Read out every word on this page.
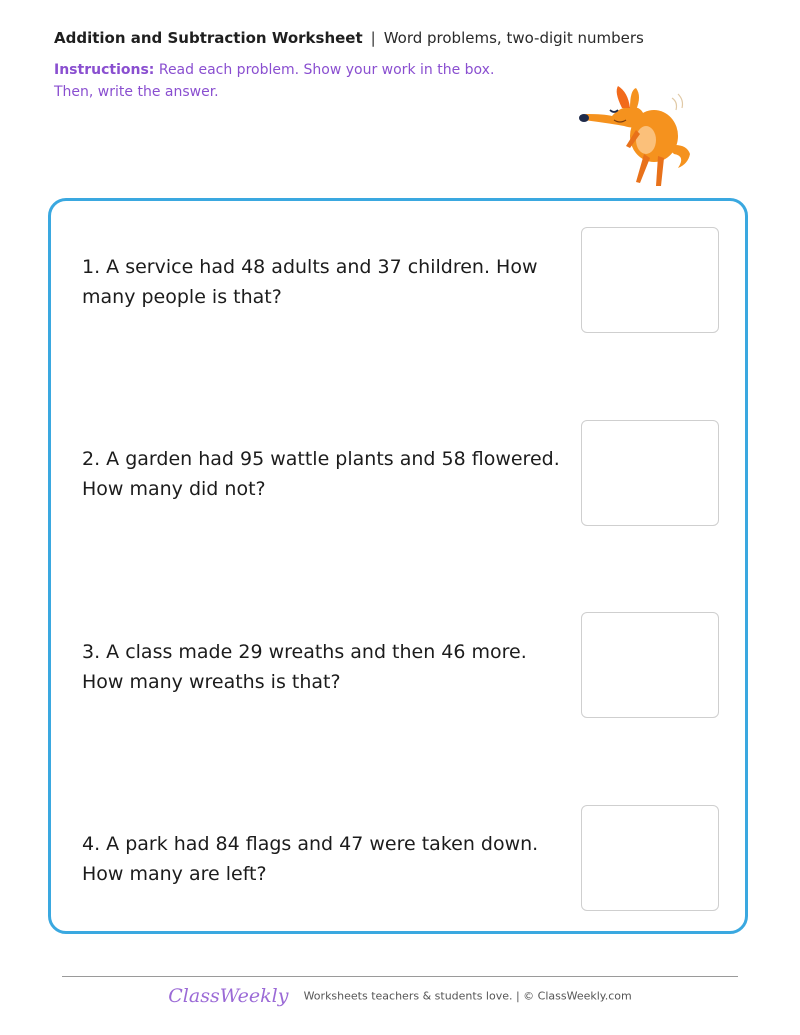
Addition and Subtraction Worksheet | Word problems, two-digit numbers
Instructions: Read each problem. Show your work in the box. Then, write the answer.
1. A service had 48 adults and 37 children. How many people is that?
2. A garden had 95 wattle plants and 58 flowered. How many did not?
3. A class made 29 wreaths and then 46 more. How many wreaths is that?
4. A park had 84 flags and 47 were taken down. How many are left?
ClassWeekly Worksheets teachers & students love. | © ClassWeekly.com
